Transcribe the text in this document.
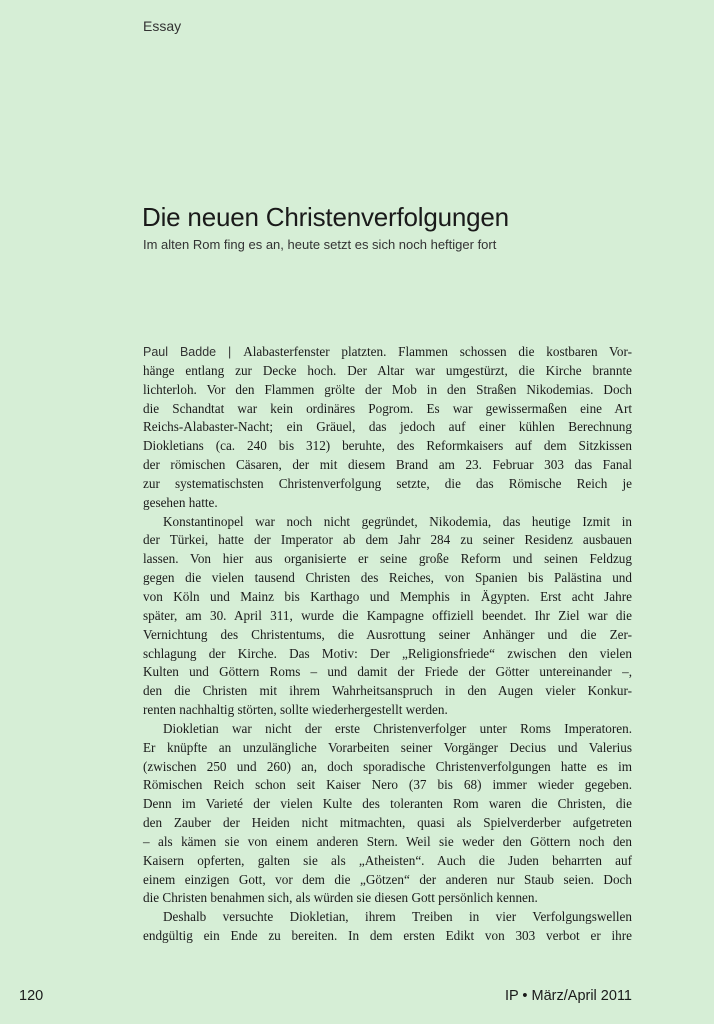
Essay
Die neuen Christenverfolgungen
Im alten Rom fing es an, heute setzt es sich noch heftiger fort
Paul Badde | Alabasterfenster platzten. Flammen schossen die kostbaren Vor-
hänge entlang zur Decke hoch. Der Altar war umgestürzt, die Kirche brannte
lichterloh. Vor den Flammen grölte der Mob in den Straßen Nikodemias. Doch
die Schandtat war kein ordinäres Pogrom. Es war gewissermaßen eine Art
Reichs-Alabaster-Nacht; ein Gräuel, das jedoch auf einer kühlen Berechnung
Diokletians (ca. 240 bis 312) beruhte, des Reformkaisers auf dem Sitzkissen
der römischen Cäsaren, der mit diesem Brand am 23. Februar 303 das Fanal
zur systematischsten Christenverfolgung setzte, die das Römische Reich je
gesehen hatte.
Konstantinopel war noch nicht gegründet, Nikodemia, das heutige Izmit in
der Türkei, hatte der Imperator ab dem Jahr 284 zu seiner Residenz ausbauen
lassen. Von hier aus organisierte er seine große Reform und seinen Feldzug
gegen die vielen tausend Christen des Reiches, von Spanien bis Palästina und
von Köln und Mainz bis Karthago und Memphis in Ägypten. Erst acht Jahre
später, am 30. April 311, wurde die Kampagne offiziell beendet. Ihr Ziel war die
Vernichtung des Christentums, die Ausrottung seiner Anhänger und die Zer-
schlagung der Kirche. Das Motiv: Der „Religionsfriede“ zwischen den vielen
Kulten und Göttern Roms – und damit der Friede der Götter untereinander –,
den die Christen mit ihrem Wahrheitsanspruch in den Augen vieler Konkur-
renten nachhaltig störten, sollte wiederhergestellt werden.
Diokletian war nicht der erste Christenverfolger unter Roms Imperatoren.
Er knüpfte an unzulängliche Vorarbeiten seiner Vorgänger Decius und Valerius
(zwischen 250 und 260) an, doch sporadische Christenverfolgungen hatte es im
Römischen Reich schon seit Kaiser Nero (37 bis 68) immer wieder gegeben.
Denn im Varieté der vielen Kulte des toleranten Rom waren die Christen, die
den Zauber der Heiden nicht mitmachten, quasi als Spielverderber aufgetreten
– als kämen sie von einem anderen Stern. Weil sie weder den Göttern noch den
Kaisern opferten, galten sie als „Atheisten“. Auch die Juden beharrten auf
einem einzigen Gott, vor dem die „Götzen“ der anderen nur Staub seien. Doch
die Christen benahmen sich, als würden sie diesen Gott persönlich kennen.
Deshalb versuchte Diokletian, ihrem Treiben in vier Verfolgungswellen
endgültig ein Ende zu bereiten. In dem ersten Edikt von 303 verbot er ihre
120	IP • März/April 2011
